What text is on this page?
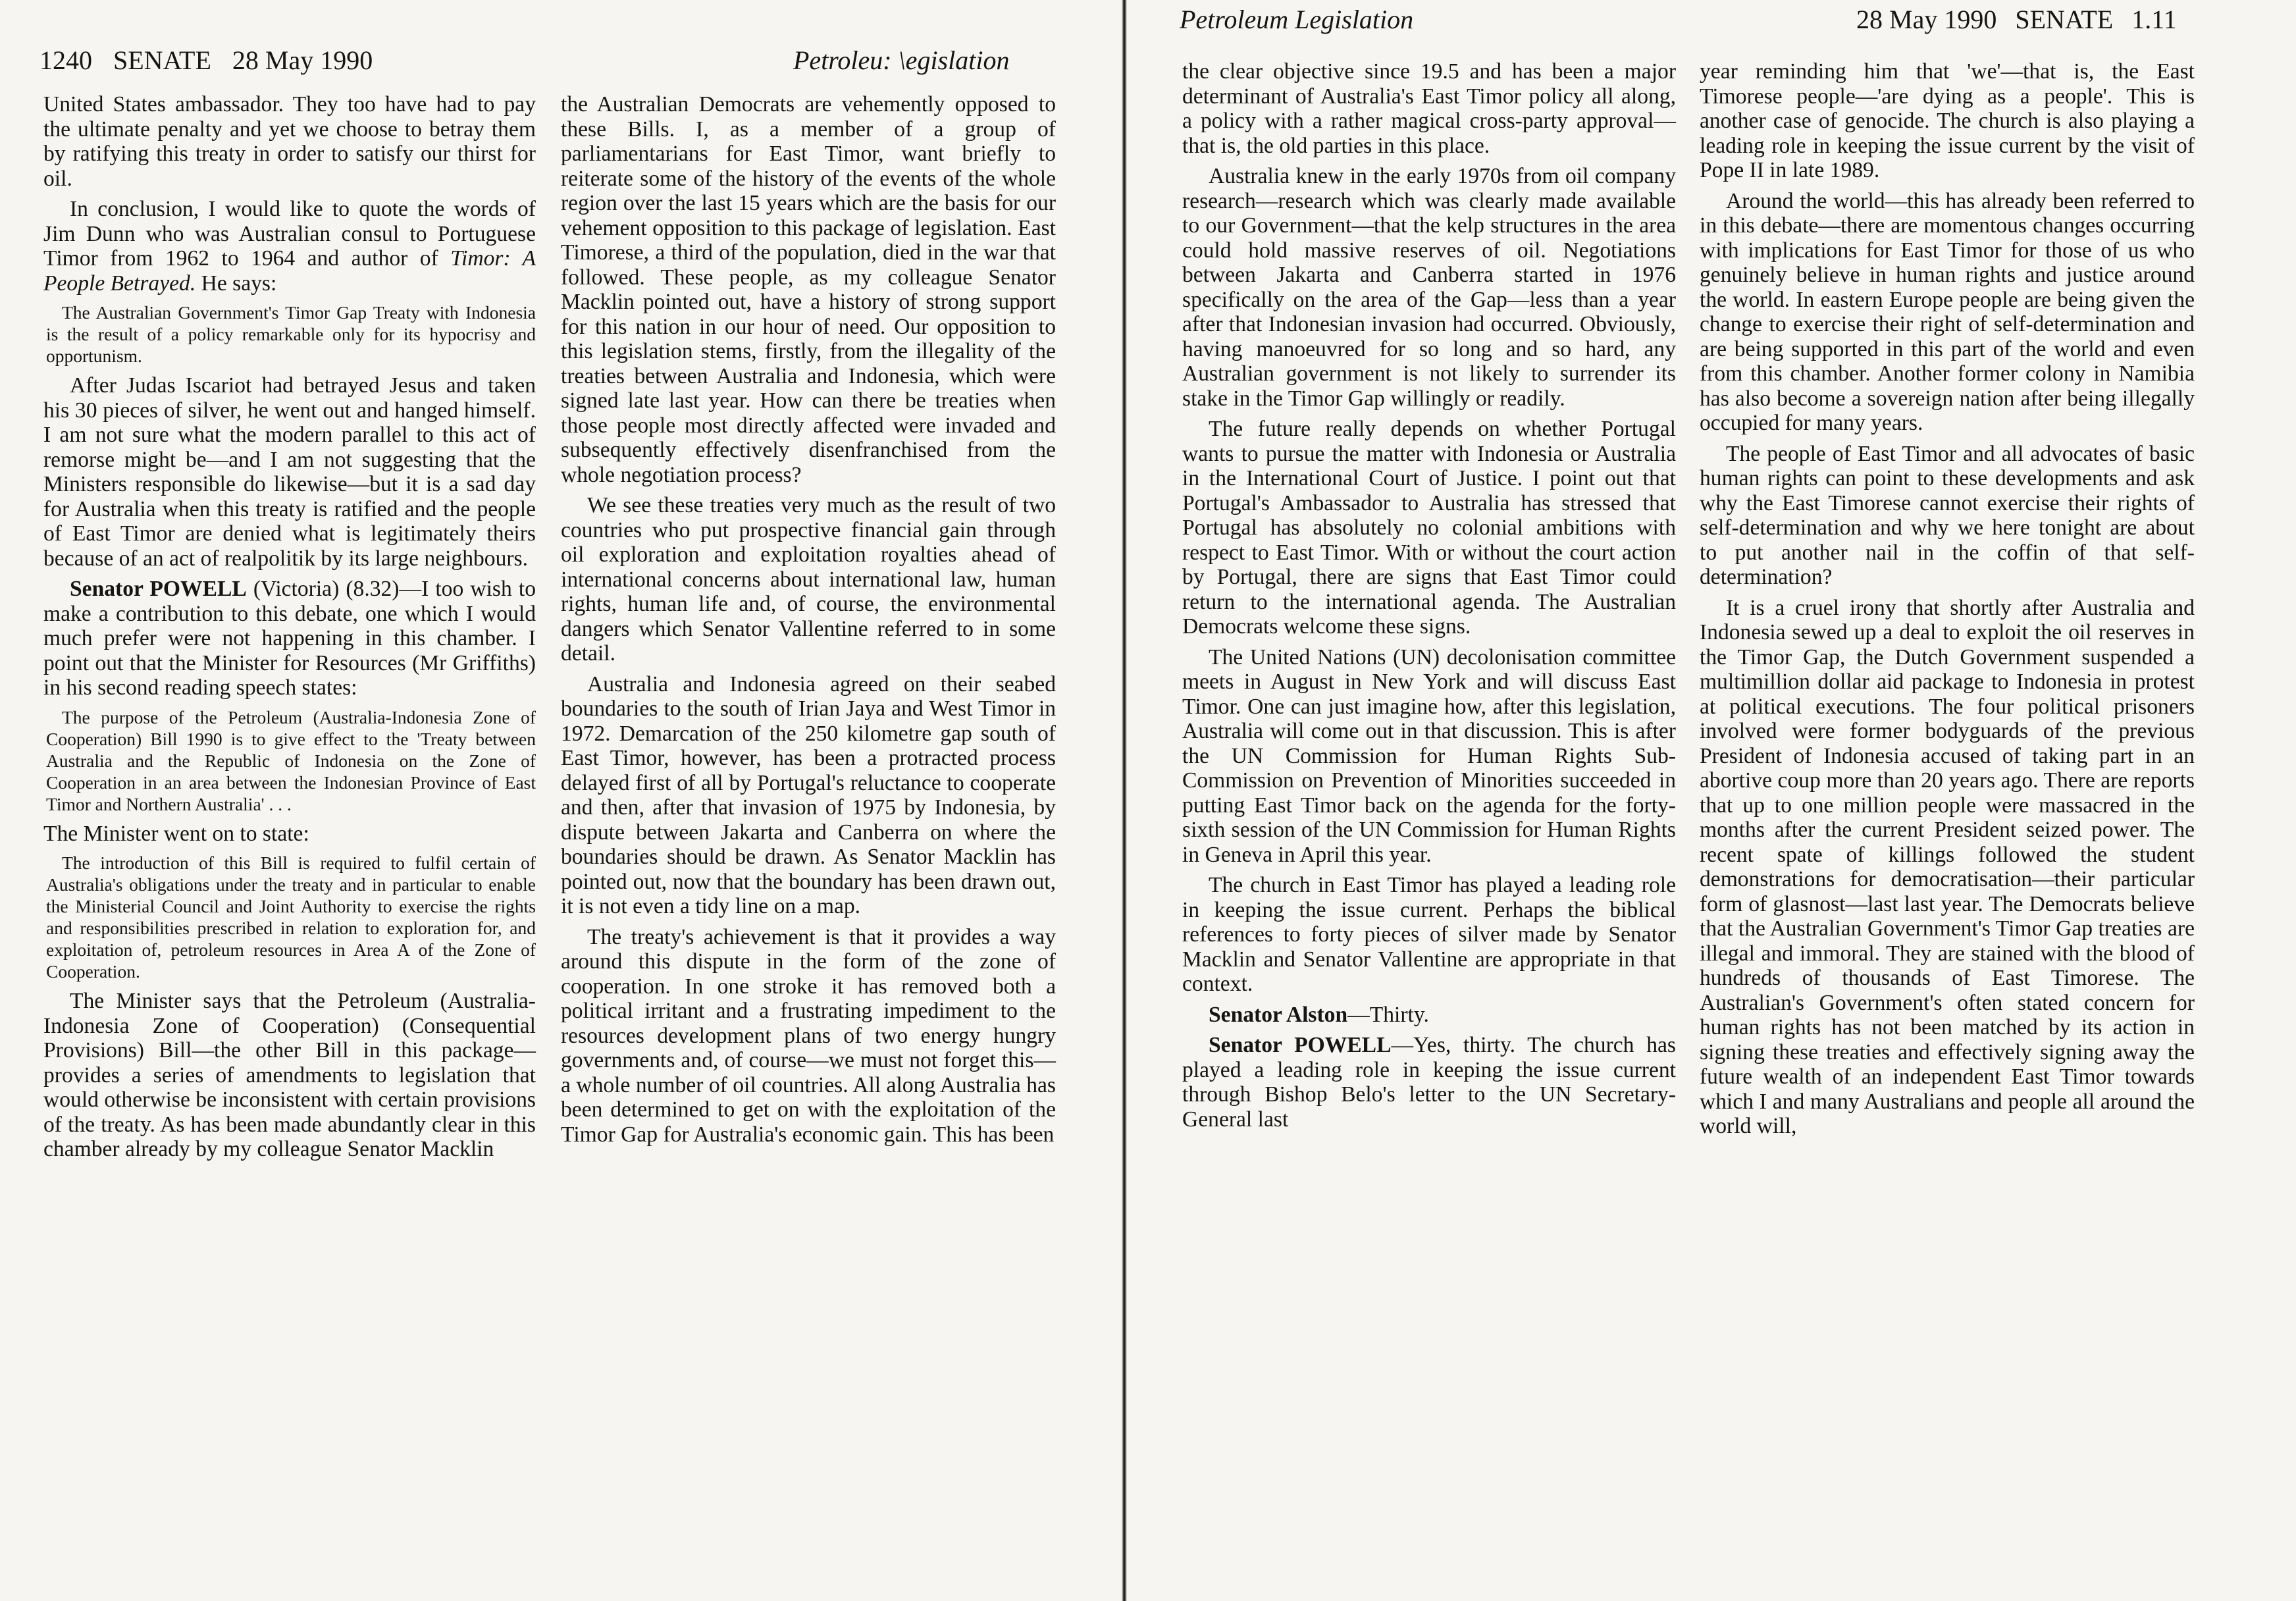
1240 SENATE 28 May 1990	Petroleu: \egislation

United States ambassador. They too have had to pay the ultimate penalty and yet we choose to betray them by ratifying this treaty in order to satisfy our thirst for oil.

In conclusion, I would like to quote the words of Jim Dunn who was Australian consul to Portuguese Timor from 1962 to 1964 and author of Timor: A People Betrayed. He says:

The Australian Government's Timor Gap Treaty with Indonesia is the result of a policy remarkable only for its hypocrisy and opportunism.

After Judas Iscariot had betrayed Jesus and taken his 30 pieces of silver, he went out and hanged himself. I am not sure what the modern parallel to this act of remorse might be—and I am not suggesting that the Ministers responsible do likewise—but it is a sad day for Australia when this treaty is ratified and the people of East Timor are denied what is legitimately theirs because of an act of realpolitik by its large neighbours.

Senator POWELL (Victoria) (8.32)—I too wish to make a contribution to this debate, one which I would much prefer were not happening in this chamber. I point out that the Minister for Resources (Mr Griffiths) in his second reading speech states:

The purpose of the Petroleum (Australia-Indonesia Zone of Cooperation) Bill 1990 is to give effect to the 'Treaty between Australia and the Republic of Indonesia on the Zone of Cooperation in an area between the Indonesian Province of East Timor and Northern Australia' . . .

The Minister went on to state:

The introduction of this Bill is required to fulfil certain of Australia's obligations under the treaty and in particular to enable the Ministerial Council and Joint Authority to exercise the rights and responsibilities prescribed in relation to exploration for, and exploitation of, petroleum resources in Area A of the Zone of Cooperation.

The Minister says that the Petroleum (Australia-Indonesia Zone of Cooperation) (Consequential Provisions) Bill—the other Bill in this package—provides a series of amendments to legislation that would otherwise be inconsistent with certain provisions of the treaty. As has been made abundantly clear in this chamber already by my colleague Senator Macklin

the Australian Democrats are vehemently opposed to these Bills. I, as a member of a group of parliamentarians for East Timor, want briefly to reiterate some of the history of the events of the whole region over the last 15 years which are the basis for our vehement opposition to this package of legislation. East Timorese, a third of the population, died in the war that followed. These people, as my colleague Senator Macklin pointed out, have a history of strong support for this nation in our hour of need. Our opposition to this legislation stems, firstly, from the illegality of the treaties between Australia and Indonesia, which were signed late last year. How can there be treaties when those people most directly affected were invaded and subsequently effectively disenfranchised from the whole negotiation process?

We see these treaties very much as the result of two countries who put prospective financial gain through oil exploration and exploitation royalties ahead of international concerns about international law, human rights, human life and, of course, the environmental dangers which Senator Vallentine referred to in some detail.

Australia and Indonesia agreed on their seabed boundaries to the south of Irian Jaya and West Timor in 1972. Demarcation of the 250 kilometre gap south of East Timor, however, has been a protracted process delayed first of all by Portugal's reluctance to cooperate and then, after that invasion of 1975 by Indonesia, by dispute between Jakarta and Canberra on where the boundaries should be drawn. As Senator Macklin has pointed out, now that the boundary has been drawn out, it is not even a tidy line on a map.

The treaty's achievement is that it provides a way around this dispute in the form of the zone of cooperation. In one stroke it has removed both a political irritant and a frustrating impediment to the resources development plans of two energy hungry governments and, of course—we must not forget this—a whole number of oil countries. All along Australia has been determined to get on with the exploitation of the Timor Gap for Australia's economic gain. This has been

Petroleum Legislation	28 May 1990 SENATE 1.11

the clear objective since 19.5 and has been a major determinant of Australia's East Timor policy all along, a policy with a rather magical cross-party approval—that is, the old parties in this place.

Australia knew in the early 1970s from oil company research—research which was clearly made available to our Government—that the kelp structures in the area could hold massive reserves of oil. Negotiations between Jakarta and Canberra started in 1976 specifically on the area of the Gap—less than a year after that Indonesian invasion had occurred. Obviously, having manoeuvred for so long and so hard, any Australian government is not likely to surrender its stake in the Timor Gap willingly or readily.

The future really depends on whether Portugal wants to pursue the matter with Indonesia or Australia in the International Court of Justice. I point out that Portugal's Ambassador to Australia has stressed that Portugal has absolutely no colonial ambitions with respect to East Timor. With or without the court action by Portugal, there are signs that East Timor could return to the international agenda. The Australian Democrats welcome these signs.

The United Nations (UN) decolonisation committee meets in August in New York and will discuss East Timor. One can just imagine how, after this legislation, Australia will come out in that discussion. This is after the UN Commission for Human Rights Sub-Commission on Prevention of Minorities succeeded in putting East Timor back on the agenda for the forty-sixth session of the UN Commission for Human Rights in Geneva in April this year.

The church in East Timor has played a leading role in keeping the issue current. Perhaps the biblical references to forty pieces of silver made by Senator Macklin and Senator Vallentine are appropriate in that context.

Senator Alston—Thirty.

Senator POWELL—Yes, thirty. The church has played a leading role in keeping the issue current through Bishop Belo's letter to the UN Secretary-General last

year reminding him that 'we'—that is, the East Timorese people—'are dying as a people'. This is another case of genocide. The church is also playing a leading role in keeping the issue current by the visit of Pope II in late 1989.

Around the world—this has already been referred to in this debate—there are momentous changes occurring with implications for East Timor for those of us who genuinely believe in human rights and justice around the world. In eastern Europe people are being given the change to exercise their right of self-determination and are being supported in this part of the world and even from this chamber. Another former colony in Namibia has also become a sovereign nation after being illegally occupied for many years.

The people of East Timor and all advocates of basic human rights can point to these developments and ask why the East Timorese cannot exercise their rights of self-determination and why we here tonight are about to put another nail in the coffin of that self-determination?

It is a cruel irony that shortly after Australia and Indonesia sewed up a deal to exploit the oil reserves in the Timor Gap, the Dutch Government suspended a multimillion dollar aid package to Indonesia in protest at political executions. The four political prisoners involved were former bodyguards of the previous President of Indonesia accused of taking part in an abortive coup more than 20 years ago. There are reports that up to one million people were massacred in the months after the current President seized power. The recent spate of killings followed the student demonstrations for democratisation—their particular form of glasnost—last last year. The Democrats believe that the Australian Government's Timor Gap treaties are illegal and immoral. They are stained with the blood of hundreds of thousands of East Timorese. The Australian's Government's often stated concern for human rights has not been matched by its action in signing these treaties and effectively signing away the future wealth of an independent East Timor towards which I and many Australians and people all around the world will,
